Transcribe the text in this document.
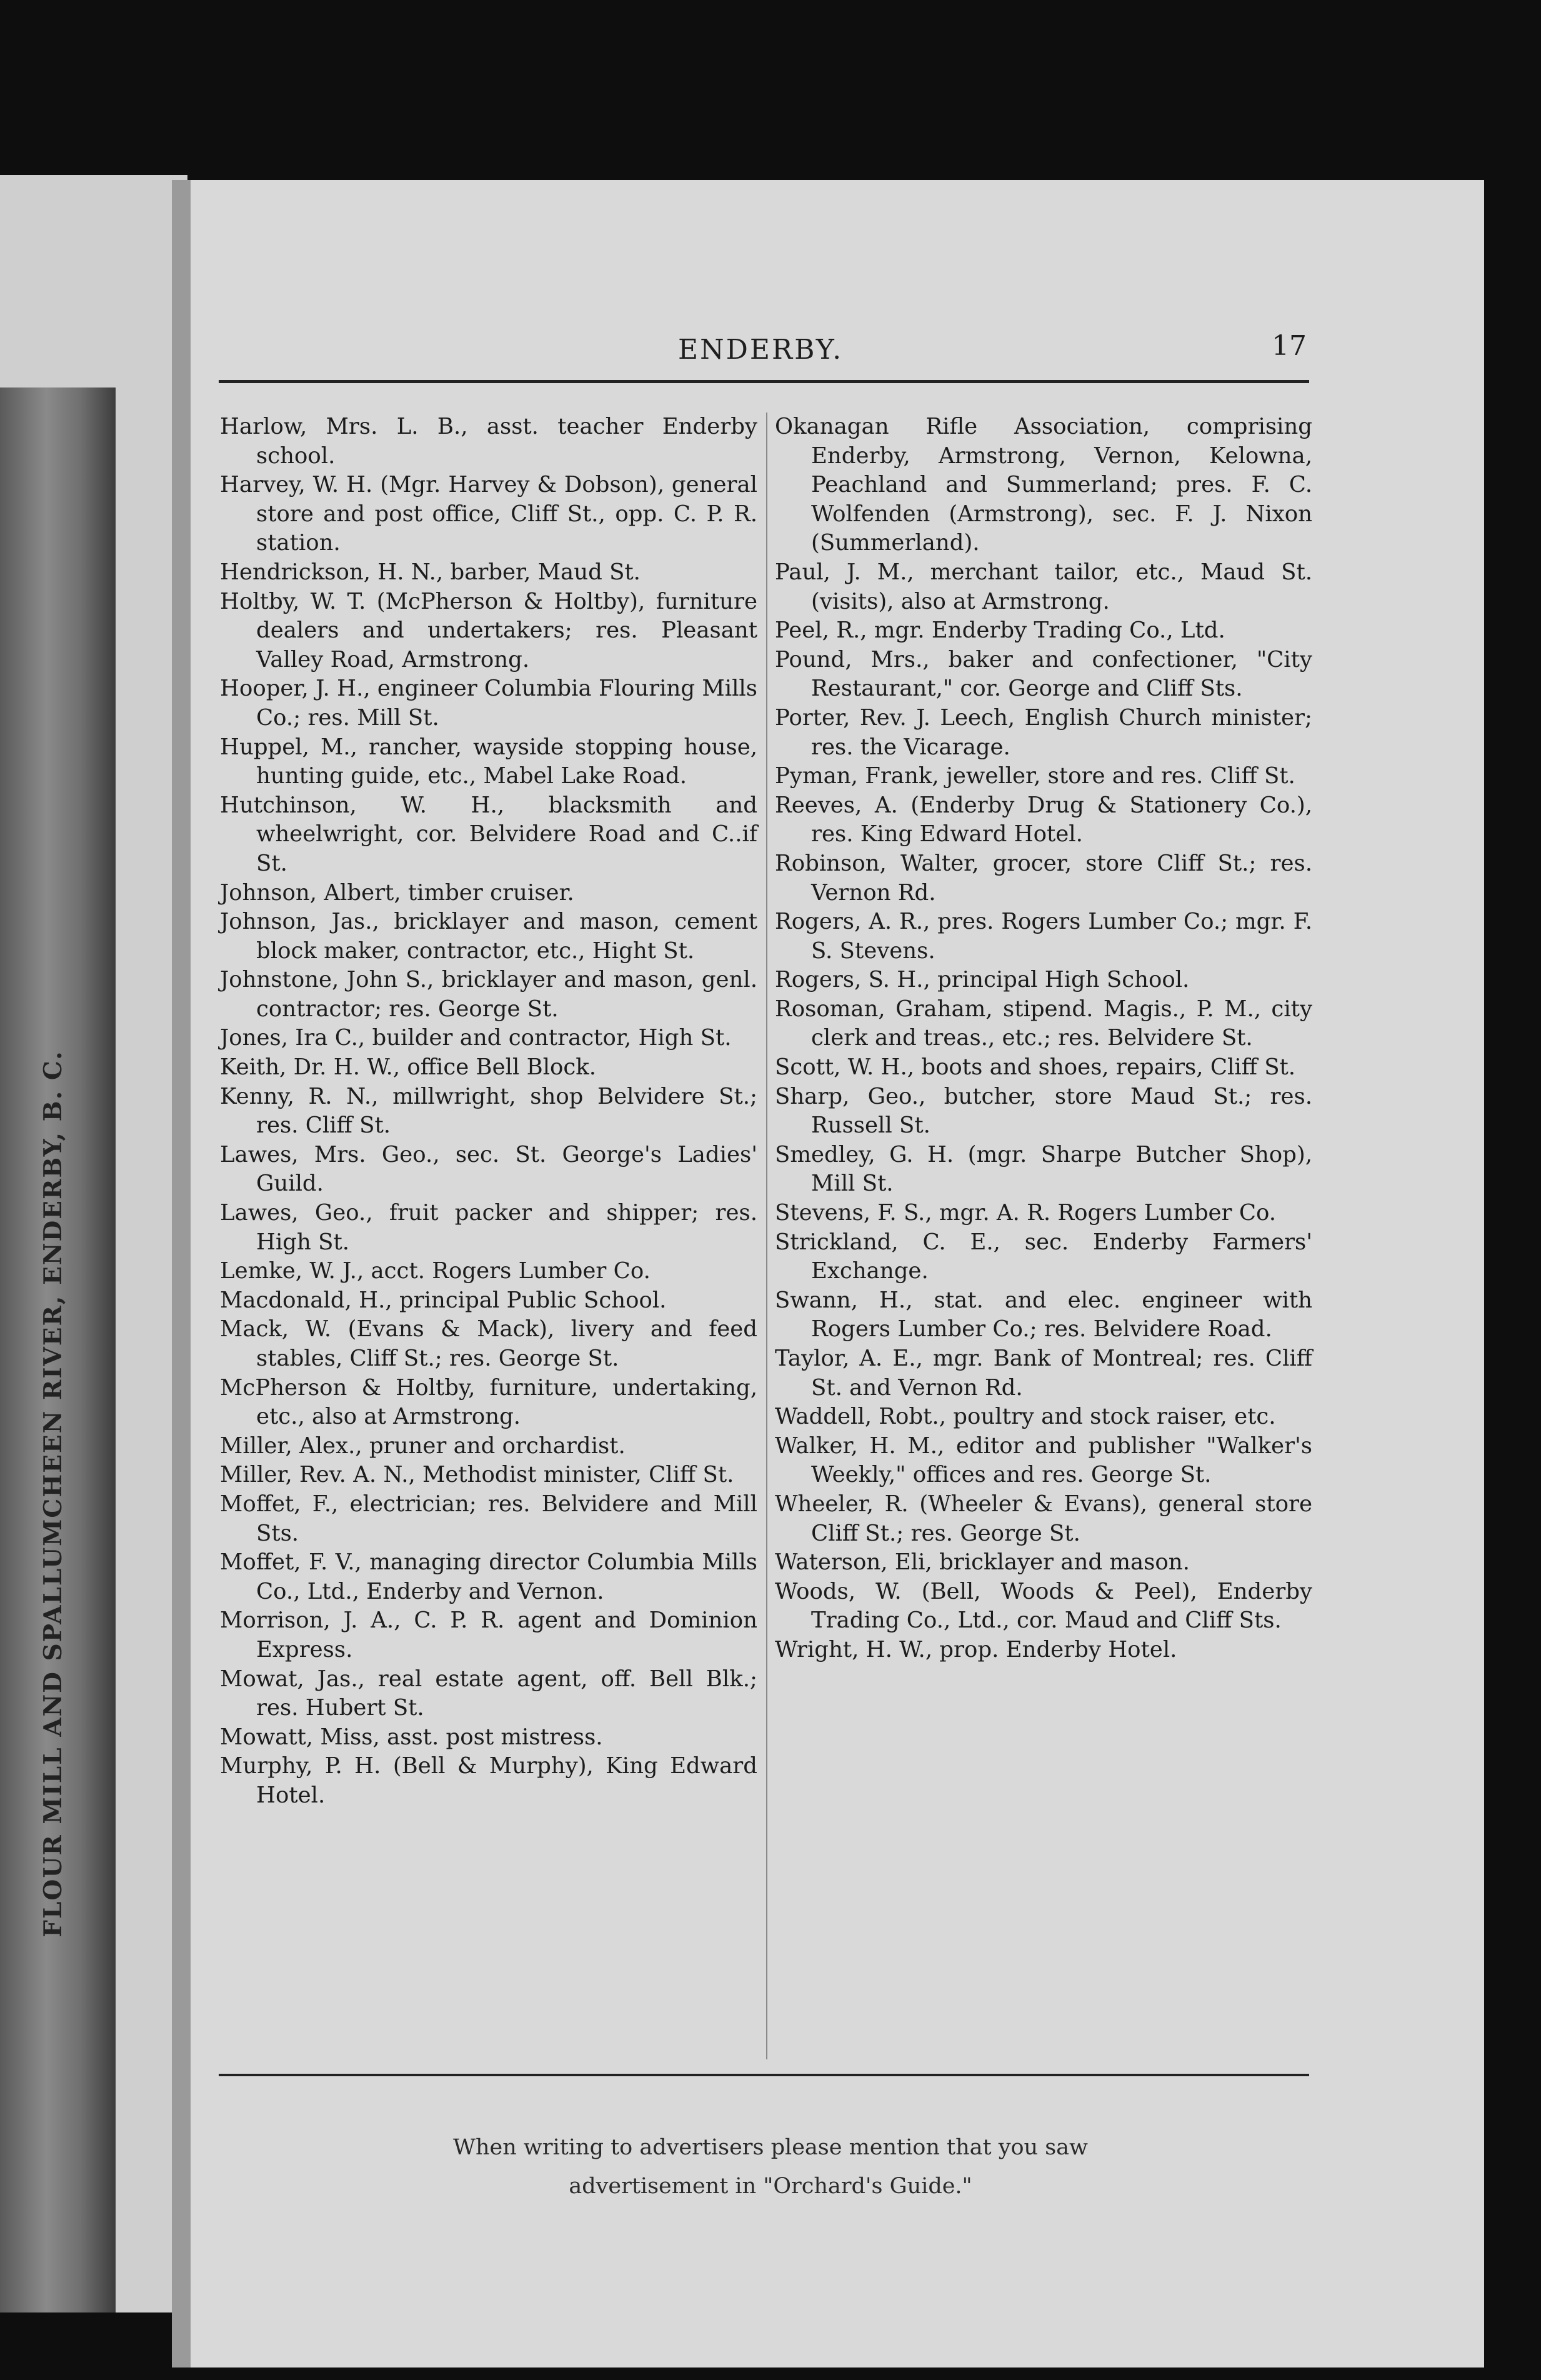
FLOUR MILL AND SPALLUMCHEEN RIVER, ENDERBY, B. C.
ENDERBY.	17
Harlow, Mrs. L. B., asst. teacher Enderby school.
Harvey, W. H. (Mgr. Harvey & Dobson), general store and post office, Cliff St., opp. C. P. R. station.
Hendrickson, H. N., barber, Maud St.
Holtby, W. T. (McPherson & Holtby), furniture dealers and undertakers; res. Pleasant Valley Road, Armstrong.
Hooper, J. H., engineer Columbia Flouring Mills Co.; res. Mill St.
Huppel, M., rancher, wayside stopping house, hunting guide, etc., Mabel Lake Road.
Hutchinson, W. H., blacksmith and wheelwright, cor. Belvidere Road and C..if St.
Johnson, Albert, timber cruiser.
Johnson, Jas., bricklayer and mason, cement block maker, contractor, etc., Hight St.
Johnstone, John S., bricklayer and mason, genl. contractor; res. George St.
Jones, Ira C., builder and contractor, High St.
Keith, Dr. H. W., office Bell Block.
Kenny, R. N., millwright, shop Belvidere St.; res. Cliff St.
Lawes, Mrs. Geo., sec. St. George's Ladies' Guild.
Lawes, Geo., fruit packer and shipper; res. High St.
Lemke, W. J., acct. Rogers Lumber Co.
Macdonald, H., principal Public School.
Mack, W. (Evans & Mack), livery and feed stables, Cliff St.; res. George St.
McPherson & Holtby, furniture, undertaking, etc., also at Armstrong.
Miller, Alex., pruner and orchardist.
Miller, Rev. A. N., Methodist minister, Cliff St.
Moffet, F., electrician; res. Belvidere and Mill Sts.
Moffet, F. V., managing director Columbia Mills Co., Ltd., Enderby and Vernon.
Morrison, J. A., C. P. R. agent and Dominion Express.
Mowat, Jas., real estate agent, off. Bell Blk.; res. Hubert St.
Mowatt, Miss, asst. post mistress.
Murphy, P. H. (Bell & Murphy), King Edward Hotel.
Okanagan Rifle Association, comprising Enderby, Armstrong, Vernon, Kelowna, Peachland and Summerland; pres. F. C. Wolfenden (Armstrong), sec. F. J. Nixon (Summerland).
Paul, J. M., merchant tailor, etc., Maud St. (visits), also at Armstrong.
Peel, R., mgr. Enderby Trading Co., Ltd.
Pound, Mrs., baker and confectioner, "City Restaurant," cor. George and Cliff Sts.
Porter, Rev. J. Leech, English Church minister; res. the Vicarage.
Pyman, Frank, jeweller, store and res. Cliff St.
Reeves, A. (Enderby Drug & Stationery Co.), res. King Edward Hotel.
Robinson, Walter, grocer, store Cliff St.; res. Vernon Rd.
Rogers, A. R., pres. Rogers Lumber Co.; mgr. F. S. Stevens.
Rogers, S. H., principal High School.
Rosoman, Graham, stipend. Magis., P. M., city clerk and treas., etc.; res. Belvidere St.
Scott, W. H., boots and shoes, repairs, Cliff St.
Sharp, Geo., butcher, store Maud St.; res. Russell St.
Smedley, G. H. (mgr. Sharpe Butcher Shop), Mill St.
Stevens, F. S., mgr. A. R. Rogers Lumber Co.
Strickland, C. E., sec. Enderby Farmers' Exchange.
Swann, H., stat. and elec. engineer with Rogers Lumber Co.; res. Belvidere Road.
Taylor, A. E., mgr. Bank of Montreal; res. Cliff St. and Vernon Rd.
Waddell, Robt., poultry and stock raiser, etc.
Walker, H. M., editor and publisher "Walker's Weekly," offices and res. George St.
Wheeler, R. (Wheeler & Evans), general store Cliff St.; res. George St.
Waterson, Eli, bricklayer and mason.
Woods, W. (Bell, Woods & Peel), Enderby Trading Co., Ltd., cor. Maud and Cliff Sts.
Wright, H. W., prop. Enderby Hotel.
When writing to advertisers please mention that you saw
advertisement in "Orchard's Guide."
